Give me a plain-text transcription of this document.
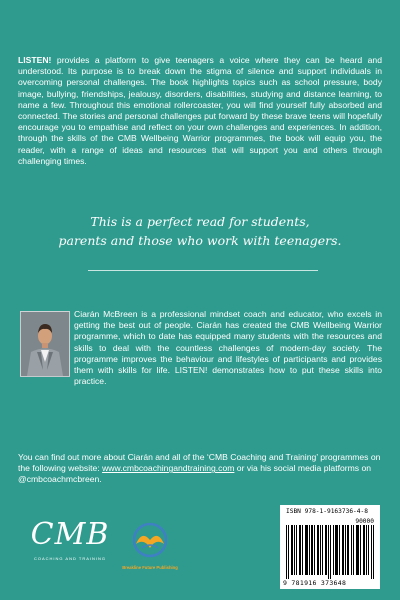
LISTEN! provides a platform to give teenagers a voice where they can be heard and understood. Its purpose is to break down the stigma of silence and support individuals in overcoming personal challenges. The book highlights topics such as school pressure, body image, bullying, friendships, jealousy, disorders, disabilities, studying and distance learning, to name a few. Throughout this emotional rollercoaster, you will find yourself fully absorbed and connected. The stories and personal challenges put forward by these brave teens will hopefully encourage you to empathise and reflect on your own challenges and experiences. In addition, through the skills of the CMB Wellbeing Warrior programmes, the book will equip you, the reader, with a range of ideas and resources that will support you and others through challenging times.
This is a perfect read for students,
parents and those who work with teenagers.
Ciarán McBreen is a professional mindset coach and educator, who excels in getting the best out of people. Ciarán has created the CMB Wellbeing Warrior programme, which to date has equipped many students with the resources and skills to deal with the countless challenges of modern-day society. The programme improves the behaviour and lifestyles of participants and provides them with skills for life. LISTEN! demonstrates how to put these skills into practice.
You can find out more about Ciarán and all of the ‘CMB Coaching and Training’ programmes on the following website: www.cmbcoachingandtraining.com or via his social media platforms on @cmbcoachmcbreen.
CMB
COACHING AND TRAINING
Breakline Future Publishing
ISBN 978-1-9163736-4-8
90000
9 781916 373648
